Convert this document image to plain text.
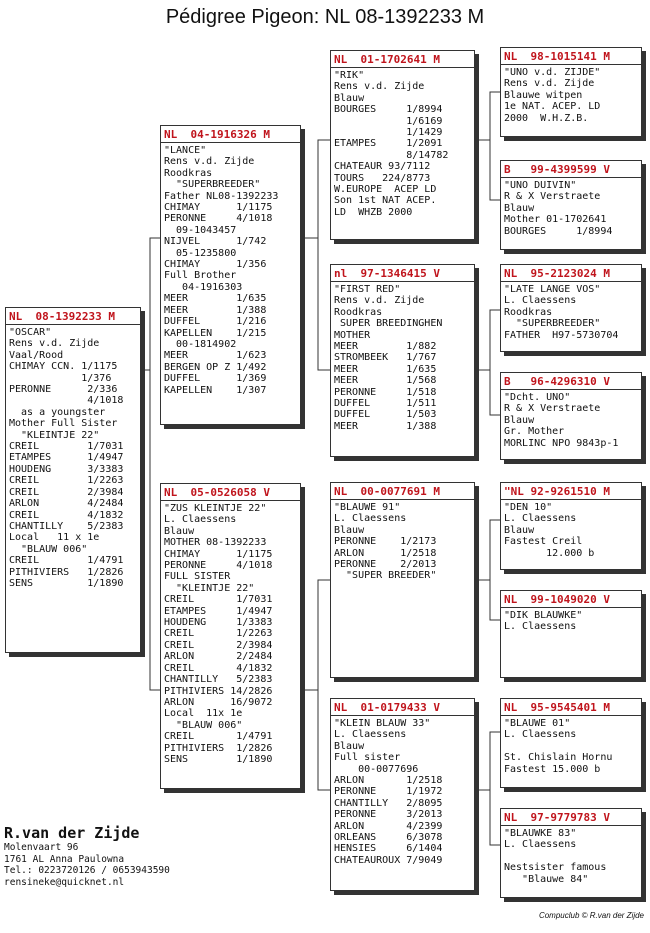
Pédigree Pigeon: NL 08-1392233 M
NL  08-1392233 M
"OSCAR"
Rens v.d. Zijde
Vaal/Rood
CHIMAY CCN. 1/1175
1/376
PERONNE      2/336
4/1018
as a youngster
Mother Full Sister
"KLEINTJE 22"
CREIL        1/7031
ETAMPES      1/4947
HOUDENG      3/3383
CREIL        1/2263
CREIL        2/3984
ARLON        4/2484
CREIL        4/1832
CHANTILLY    5/2383
Local   11 x 1e
"BLAUW 006"
CREIL        1/4791
PITHIVIERS   1/2826
SENS         1/1890
NL  04-1916326 M
"LANCE"
Rens v.d. Zijde
Roodkras
"SUPERBREEDER"
Father NL08-1392233
CHIMAY      1/1175
PERONNE     4/1018
09-1043457
NIJVEL      1/742
05-1235800
CHIMAY      1/356
Full Brother
04-1916303
MEER        1/635
MEER        1/388
DUFFEL      1/216
KAPELLEN    1/215
00-1814902
MEER        1/623
BERGEN OP Z 1/492
DUFFEL      1/369
KAPELLEN    1/307
NL  05-0526058 V
"ZUS KLEINTJE 22"
L. Claessens
Blauw
MOTHER 08-1392233
CHIMAY      1/1175
PERONNE     4/1018
FULL SISTER
"KLEINTJE 22"
CREIL       1/7031
ETAMPES     1/4947
HOUDENG     1/3383
CREIL       1/2263
CREIL       2/3984
ARLON       2/2484
CREIL       4/1832
CHANTILLY   5/2383
PITHIVIERS 14/2826
ARLON      16/9072
Local  11x 1e
"BLAUW 006"
CREIL       1/4791
PITHIVIERS  1/2826
SENS        1/1890
NL  01-1702641 M
"RIK"
Rens v.d. Zijde
Blauw
BOURGES     1/8994
1/6169
1/1429
ETAMPES     1/2091
8/14782
CHATEAUR 93/7112
TOURS   224/8773
W.EUROPE  ACEP LD
Son 1st NAT ACEP.
LD  WHZB 2000
nl  97-1346415 V
"FIRST RED"
Rens v.d. Zijde
Roodkras
SUPER BREEDINGHEN
MOTHER
MEER        1/882
STROMBEEK   1/767
MEER        1/635
MEER        1/568
PERONNE     1/518
DUFFEL      1/511
DUFFEL      1/503
MEER        1/388
NL  00-0077691 M
"BLAUWE 91"
L. Claessens
Blauw
PERONNE    1/2173
ARLON      1/2518
PERONNE    2/2013
"SUPER BREEDER"
NL  01-0179433 V
"KLEIN BLAUW 33"
L. Claessens
Blauw
Full sister
00-0077696
ARLON       1/2518
PERONNE     1/1972
CHANTILLY   2/8095
PERONNE     3/2013
ARLON       4/2399
ORLEANS     6/3078
HENSIES     6/1404
CHATEAUROUX 7/9049
NL  98-1015141 M
"UNO v.d. ZIJDE"
Rens v.d. Zijde
Blauwe witpen
1e NAT. ACEP. LD
2000  W.H.Z.B.
B   99-4399599 V
"UNO DUIVIN"
R & X Verstraete
Blauw
Mother 01-1702641
BOURGES     1/8994
NL  95-2123024 M
"LATE LANGE VOS"
L. Claessens
Roodkras
"SUPERBREEDER"
FATHER  H97-5730704
B   96-4296310 V
"Dcht. UNO"
R & X Verstraete
Blauw
Gr. Mother
MORLINC NPO 9843p-1
"NL 92-9261510 M
"DEN 10"
L. Claessens
Blauw
Fastest Creil
12.000 b
NL  99-1049020 V
"DIK BLAUWKE"
L. Claessens
NL  95-9545401 M
"BLAUWE 01"
L. Claessens

St. Chislain Hornu
Fastest 15.000 b
NL  97-9779783 V
"BLAUWKE 83"
L. Claessens

Nestsister famous
"Blauwe 84"
R.van der Zijde
Molenvaart 96
1761 AL Anna Paulowna
Tel.: 0223720126 / 0653943590
rensineke@quicknet.nl
Compuclub © R.van der Zijde
